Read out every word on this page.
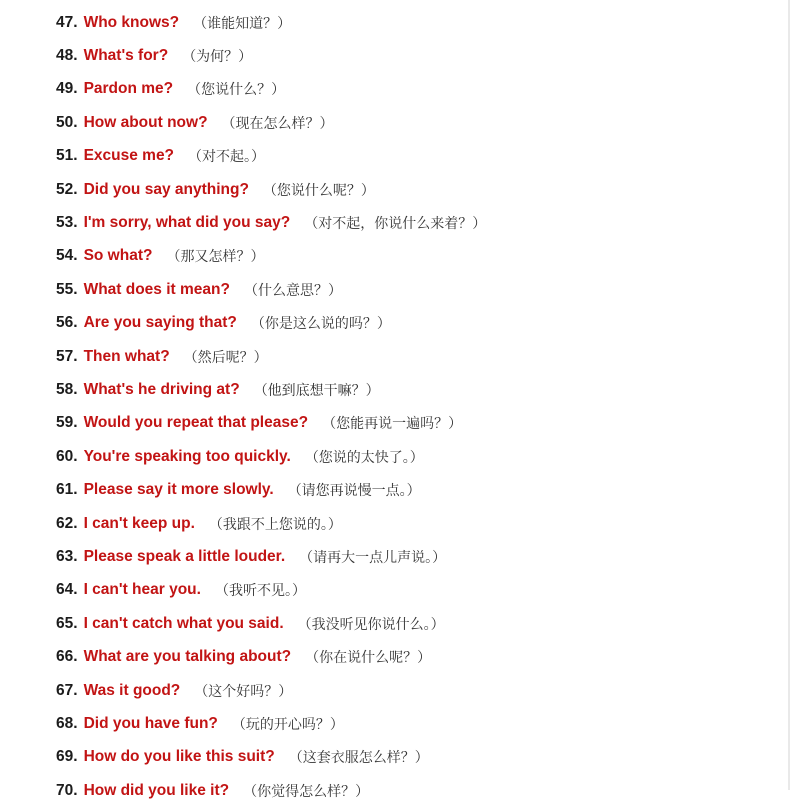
47. Who knows? （谁能知道？）
48. What's for? （为何？）
49. Pardon me? （您说什么？）
50. How about now? （现在怎么样？）
51. Excuse me? （对不起。）
52. Did you say anything? （您说什么呢？）
53. I'm sorry, what did you say? （对不起，你说什么来着？）
54. So what? （那又怎样？）
55. What does it mean? （什么意思？）
56. Are you saying that? （你是这么说的吗？）
57. Then what? （然后呢？）
58. What's he driving at? （他到底想干嘛？）
59. Would you repeat that please? （您能再说一遍吗？）
60. You're speaking too quickly. （您说的太快了。）
61. Please say it more slowly. （请您再说慢一点。）
62. I can't keep up. （我跟不上您说的。）
63. Please speak a little louder. （请再大一点儿声说。）
64. I can't hear you. （我听不见。）
65. I can't catch what you said. （我没听见你说什么。）
66. What are you talking about? （你在说什么呢？）
67. Was it good? （这个好吗？）
68. Did you have fun? （玩的开心吗？）
69. How do you like this suit? （这套衣服怎么样？）
70. How did you like it? （你觉得怎么样？）
